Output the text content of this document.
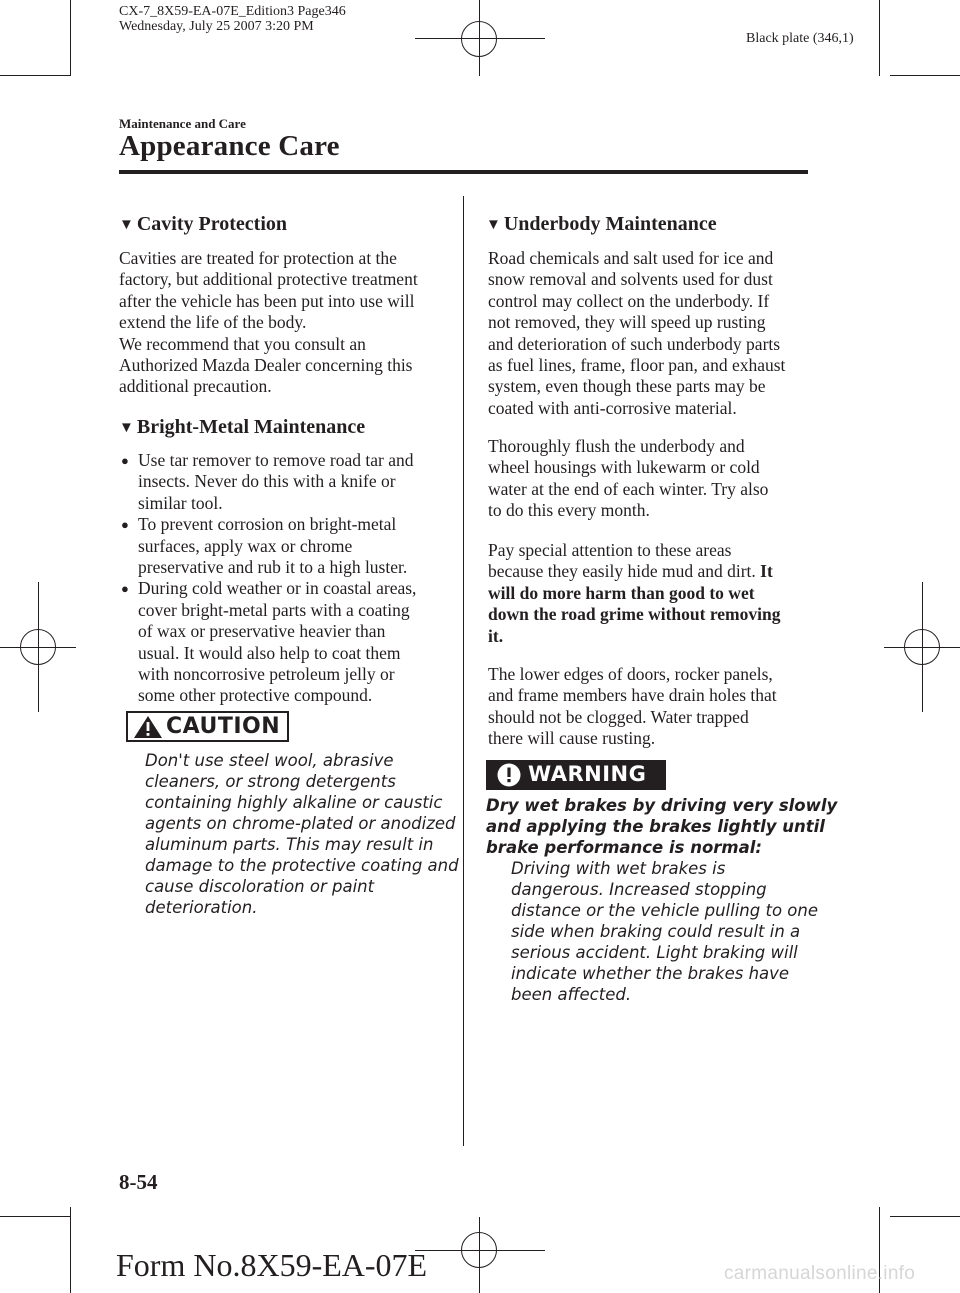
CX-7_8X59-EA-07E_Edition3 Page346
Wednesday, July 25 2007 3:20 PM
Black plate (346,1)
Maintenance and Care
Appearance Care
▼ Cavity Protection

Cavities are treated for protection at the

factory, but additional protective treatment

after the vehicle has been put into use will

extend the life of the body.

We recommend that you consult an

Authorized Mazda Dealer concerning this

additional precaution.

▼ Bright-Metal Maintenance
● Use tar remover to remove road tar and
insects. Never do this with a knife or
similar tool.
● To prevent corrosion on bright-metal
surfaces, apply wax or chrome
preservative and rub it to a high luster.
● During cold weather or in coastal areas,
cover bright-metal parts with a coating
of wax or preservative heavier than
usual. It would also help to coat them
with noncorrosive petroleum jelly or
some other protective compound.
CAUTION

Don't use steel wool, abrasive

cleaners, or strong detergents

containing highly alkaline or caustic

agents on chrome-plated or anodized

aluminum parts. This may result in

damage to the protective coating and

cause discoloration or paint

deterioration.

▼ Underbody Maintenance

Road chemicals and salt used for ice and

snow removal and solvents used for dust

control may collect on the underbody. If

not removed, they will speed up rusting

and deterioration of such underbody parts

as fuel lines, frame, floor pan, and exhaust

system, even though these parts may be

coated with anti-corrosive material.

Thoroughly flush the underbody and

wheel housings with lukewarm or cold

water at the end of each winter. Try also

to do this every month.

Pay special attention to these areas

because they easily hide mud and dirt. It

will do more harm than good to wet

down the road grime without removing

it.

The lower edges of doors, rocker panels,

and frame members have drain holes that

should not be clogged. Water trapped

there will cause rusting.

WARNING

Dry wet brakes by driving very slowly

and applying the brakes lightly until

brake performance is normal:

Driving with wet brakes is

dangerous. Increased stopping

distance or the vehicle pulling to one

side when braking could result in a

serious accident. Light braking will

indicate whether the brakes have

been affected.

8-54
Form No.8X59-EA-07E	carmanualsonline.info
